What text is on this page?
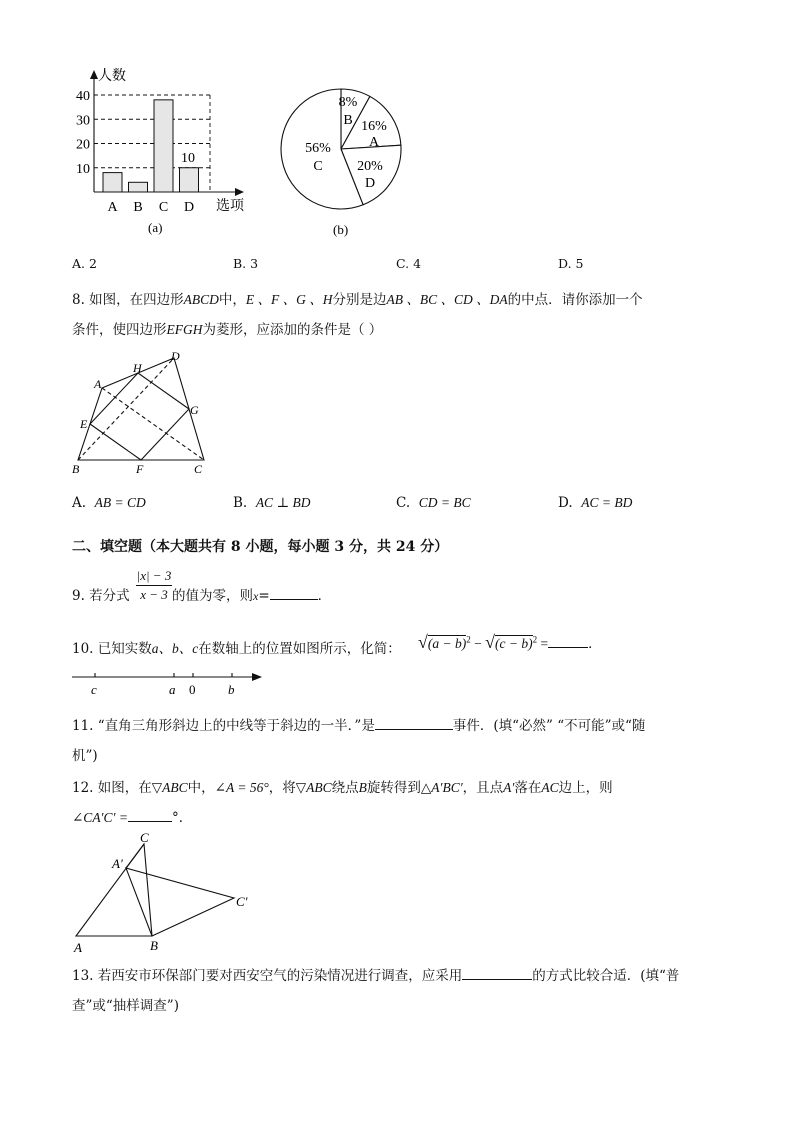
10
20
30
40
A B C D
人数
选项
(a)
10
8%
B 16%
A
20%
D
56%
C
(b)
A. 2	B. 3	C. 4	D. 5
8. 如图，在四边形ABCD中，E 、F 、G 、H分别是边AB 、BC 、CD 、DA的中点．请你添加一个
条件，使四边形EFGH为菱形，应添加的条件是（ ）
A
H
D
G
E
B	F	C
A. AB = CD	B. AC ⊥ BD	C. CD = BC	D. AC = BD
二、填空题（本大题共有 8 小题，每小题 3 分，共 24 分）
9. 若分式 $\frac{|x| - 3}{x - 3}$ 的值为零，则x=	．
10. 已知实数a、b、c在数轴上的位置如图所示，化简： $√(a - b)^2 - √(c - b)^2$ =	．
c	a 0	b
11. “直角三角形斜边上的中线等于斜边的一半．”是	事件．(填“必然” “不可能”或“随
机”)
12. 如图，在▽ABC中，∠A = 56°，将▽ABC绕点B旋转得到△A′BC′，且点A′落在AC边上，则
∠CA′C′ =	°．
C
A′
C′
A	B
13. 若西安市环保部门要对西安空气的污染情况进行调查，应采用	的方式比较合适．(填“普
查”或“抽样调查”)
